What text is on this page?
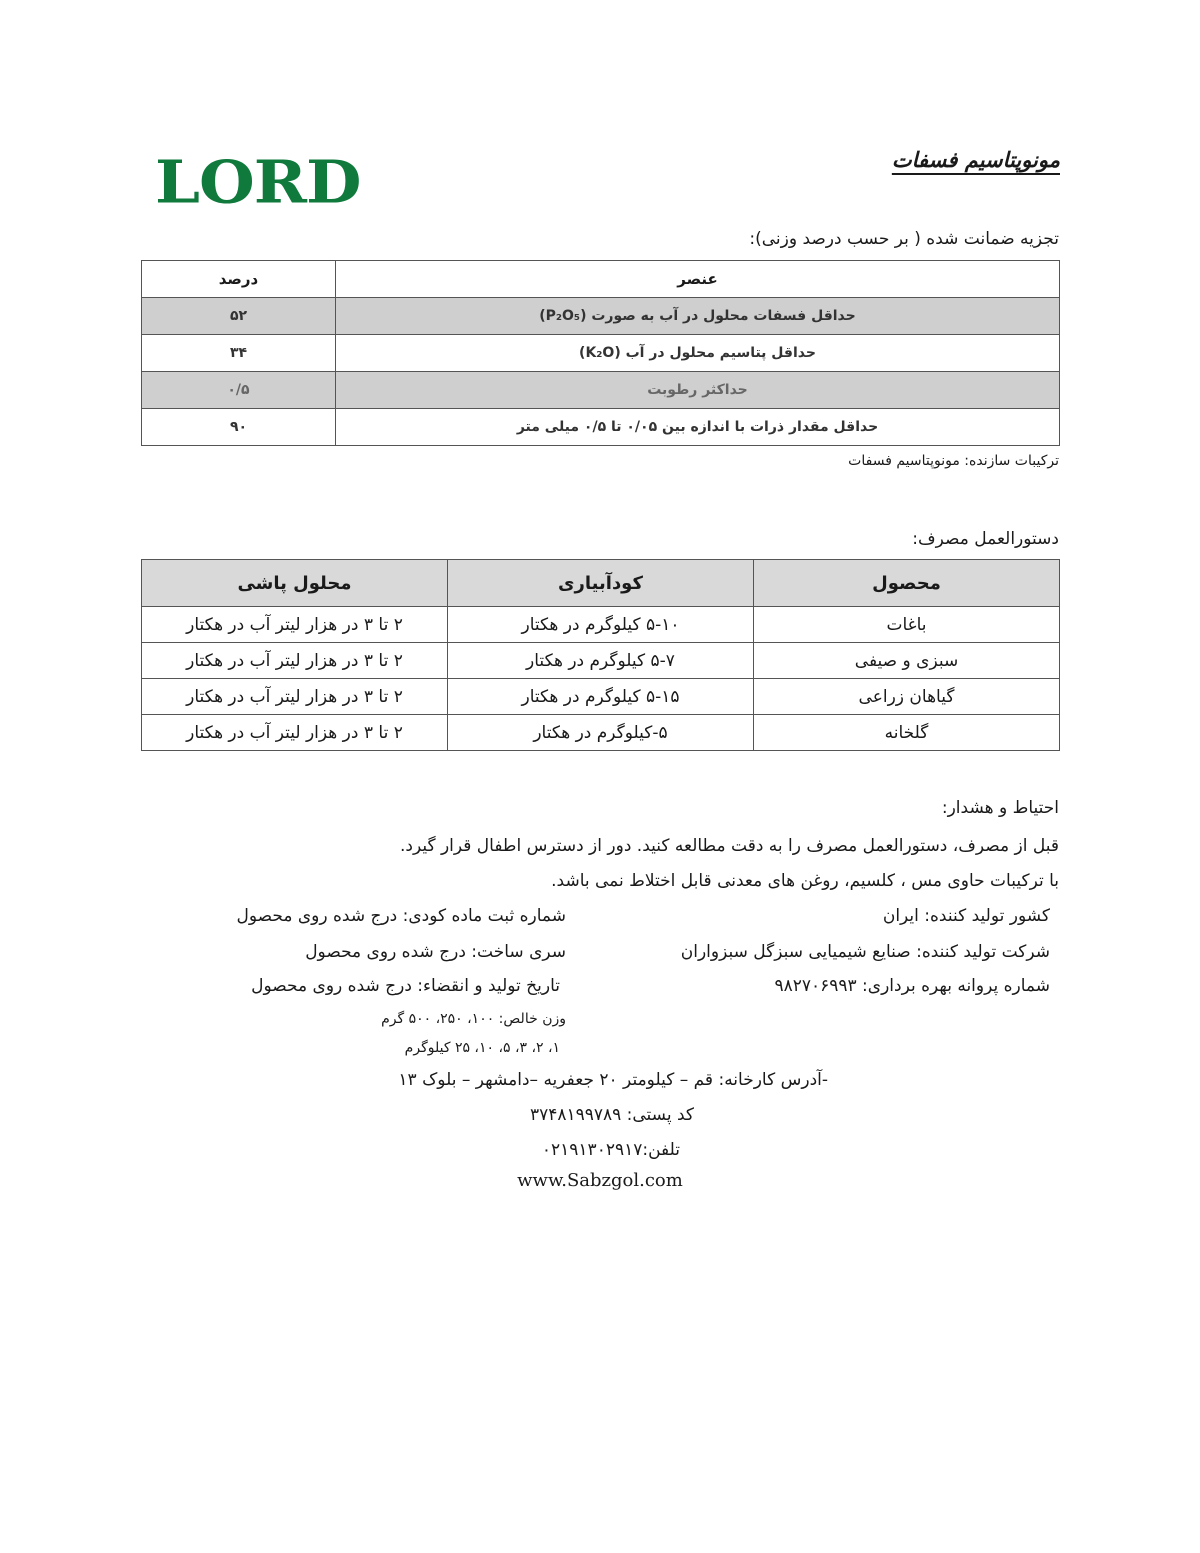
LORD	مونوپتاسیم فسفات
تجزیه ضمانت شده ( بر حسب درصد وزنی):
عنصر	درصد
حداقل فسفات محلول در آب به صورت (P₂O₅)	۵۲
حداقل پتاسیم محلول در آب (K₂O)	۳۴
حداکثر رطوبت	۰/۵
حداقل مقدار ذرات با اندازه بین ۰/۰۵ تا ۰/۵ میلی متر	۹۰
ترکیبات سازنده: مونوپتاسیم فسفات
دستورالعمل مصرف:
محصول	کودآبیاری	محلول پاشی
باغات	۵-۱۰ کیلوگرم در هکتار	۲ تا ۳ در هزار لیتر آب در هکتار
سبزی و صیفی	۵-۷ کیلوگرم در هکتار	۲ تا ۳ در هزار لیتر آب در هکتار
گیاهان زراعی	۵-۱۵ کیلوگرم در هکتار	۲ تا ۳ در هزار لیتر آب در هکتار
گلخانه	۵-کیلوگرم در هکتار	۲ تا ۳ در هزار لیتر آب در هکتار
احتیاط و هشدار:
قبل از مصرف، دستورالعمل مصرف را به دقت مطالعه کنید. دور از دسترس اطفال قرار گیرد.
با ترکیبات حاوی مس ، کلسیم، روغن های معدنی قابل اختلاط نمی باشد.
کشور تولید کننده: ایران
شرکت تولید کننده: صنایع شیمیایی سبزگل سبزواران
شماره پروانه بهره برداری: ۹۸۲۷۰۶۹۹۳
شماره ثبت ماده کودی: درج شده روی محصول
سری ساخت: درج شده روی محصول
تاریخ تولید و انقضاء: درج شده روی محصول
وزن خالص: ۱۰۰، ۲۵۰، ۵۰۰ گرم
۱، ۲، ۳، ۵، ۱۰، ۲۵ کیلوگرم
-آدرس کارخانه: قم – کیلومتر ۲۰ جعفریه –دامشهر – بلوک ۱۳
کد پستی: ۳۷۴۸۱۹۹۷۸۹
تلفن:۰۲۱۹۱۳۰۲۹۱۷
www.Sabzgol.com
